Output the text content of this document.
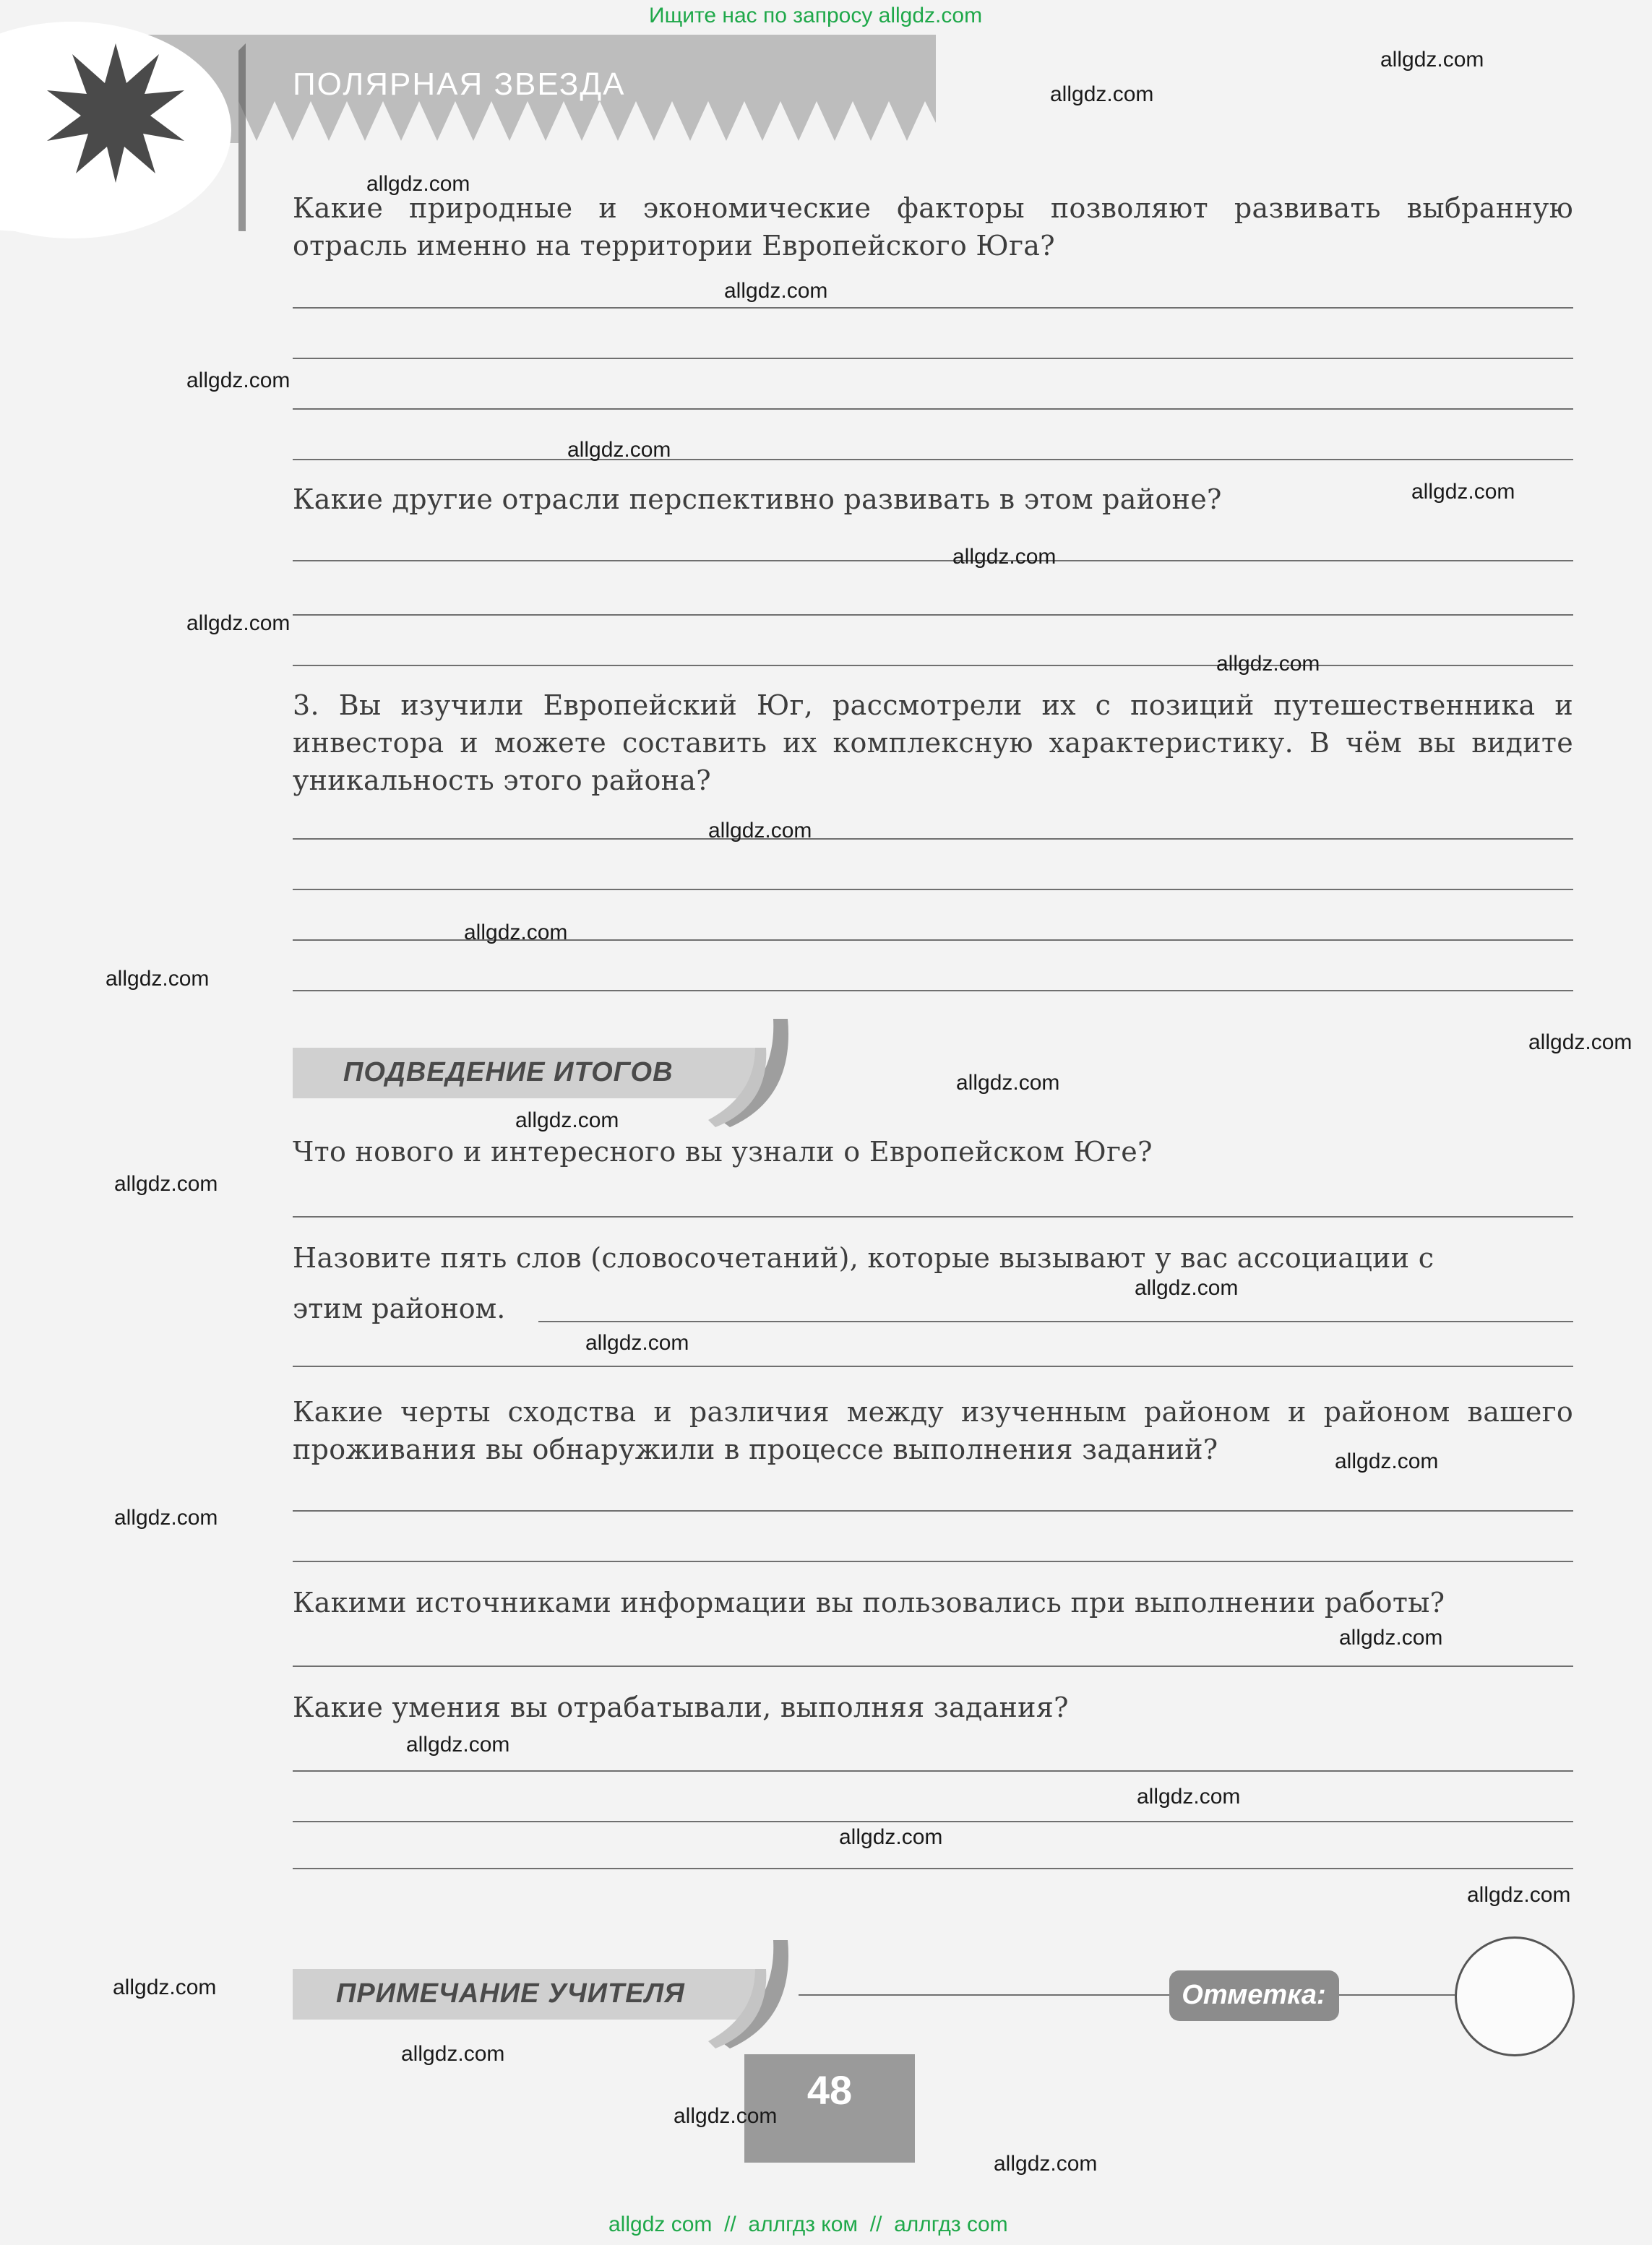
ПОЛЯРНАЯ ЗВЕЗДА
Ищите нас по запросу allgdz.com
Какие природные и экономические факторы позволяют развивать выбранную отрасль именно на территории Европейского Юга?
Какие другие отрасли перспективно развивать в этом районе?
3. Вы изучили Европейский Юг, рассмотрели их с позиций путешественника и инвестора и можете составить их комплексную характеристику. В чём вы видите уникальность этого района?
ПОДВЕДЕНИЕ ИТОГОВ
Что нового и интересного вы узнали о Европейском Юге?
Назовите пять слов (словосочетаний), которые вызывают у вас ассоциации с
этим районом.
Какие черты сходства и различия между изученным районом и районом вашего проживания вы обнаружили в процессе выполнения заданий?
Какими источниками информации вы пользовались при выполнении работы?
Какие умения вы отрабатывали, выполняя задания?
ПРИМЕЧАНИЕ УЧИТЕЛЯ	Отметка:
48
allgdz.com
allgdz.com
allgdz.com
allgdz.com
allgdz.com
allgdz.com
allgdz.com
allgdz.com
allgdz.com
allgdz.com
allgdz.com
allgdz.com
allgdz.com
allgdz.com
allgdz.com
allgdz.com
allgdz.com
allgdz.com
allgdz.com
allgdz.com
allgdz.com
allgdz.com
allgdz.com
allgdz.com
allgdz.com
allgdz.com
allgdz.com
allgdz.com
allgdz.com
allgdz.com
allgdz com  //  аллгдз ком  //  аллгдз com
